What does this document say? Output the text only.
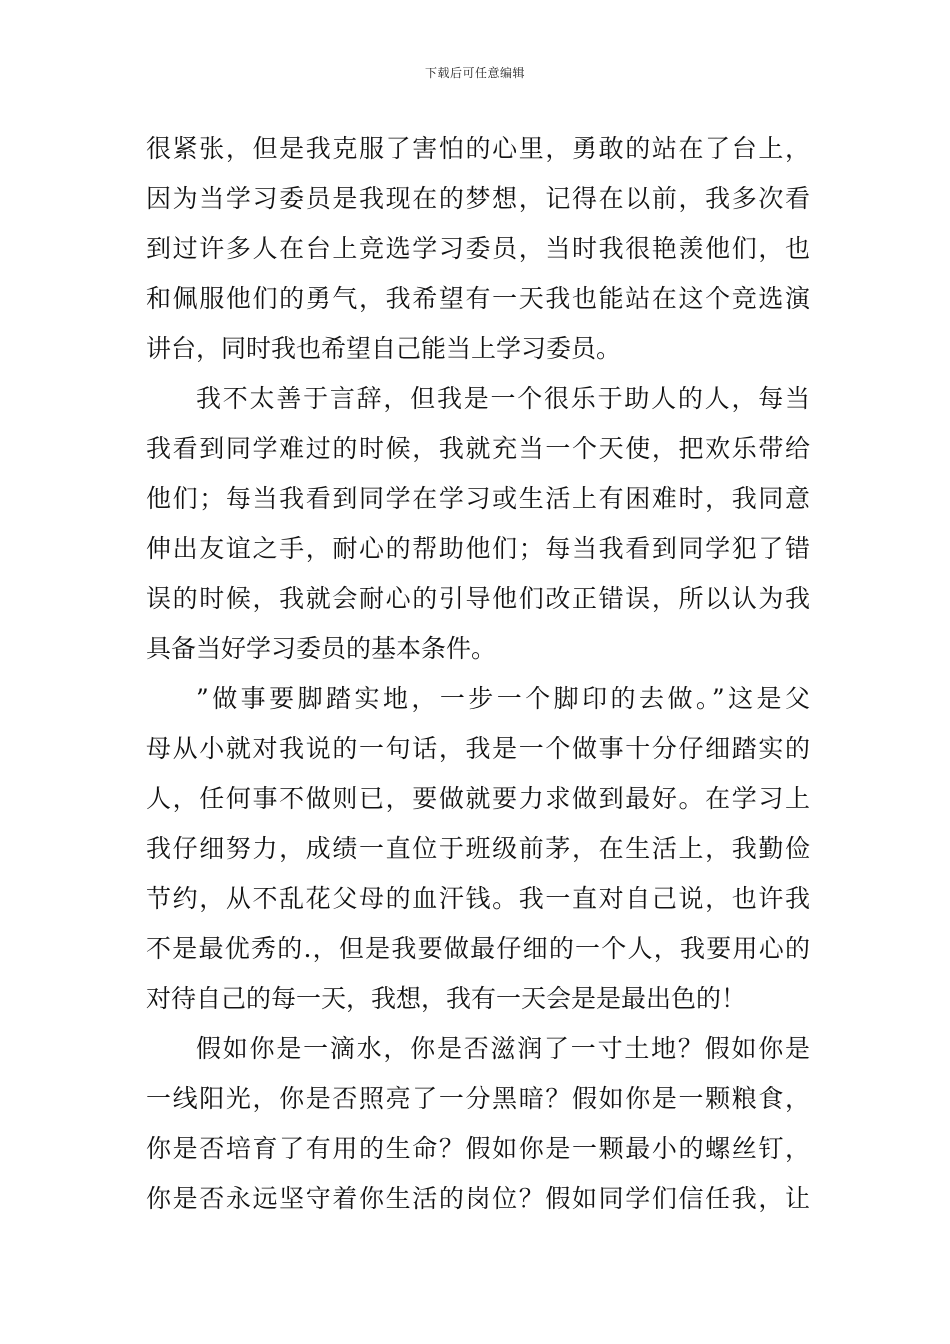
下载后可任意编辑
很紧张，但是我克服了害怕的心里，勇敢的站在了台上，
因为当学习委员是我现在的梦想，记得在以前，我多次看
到过许多人在台上竞选学习委员，当时我很艳羡他们，也
和佩服他们的勇气，我希望有一天我也能站在这个竞选演
讲台，同时我也希望自己能当上学习委员。
我不太善于言辞，但我是一个很乐于助人的人，每当
我看到同学难过的时候，我就充当一个天使，把欢乐带给
他们；每当我看到同学在学习或生活上有困难时，我同意
伸出友谊之手，耐心的帮助他们；每当我看到同学犯了错
误的时候，我就会耐心的引导他们改正错误，所以认为我
具备当好学习委员的基本条件。
”做事要脚踏实地，一步一个脚印的去做。”这是父
母从小就对我说的一句话，我是一个做事十分仔细踏实的
人，任何事不做则已，要做就要力求做到最好。在学习上
我仔细努力，成绩一直位于班级前茅，在生活上，我勤俭
节约，从不乱花父母的血汗钱。我一直对自己说，也许我
不是最优秀的.，但是我要做最仔细的一个人，我要用心的
对待自己的每一天，我想，我有一天会是是最出色的！
假如你是一滴水，你是否滋润了一寸土地？假如你是
一线阳光，你是否照亮了一分黑暗？假如你是一颗粮食，
你是否培育了有用的生命？假如你是一颗最小的螺丝钉，
你是否永远坚守着你生活的岗位？假如同学们信任我，让
